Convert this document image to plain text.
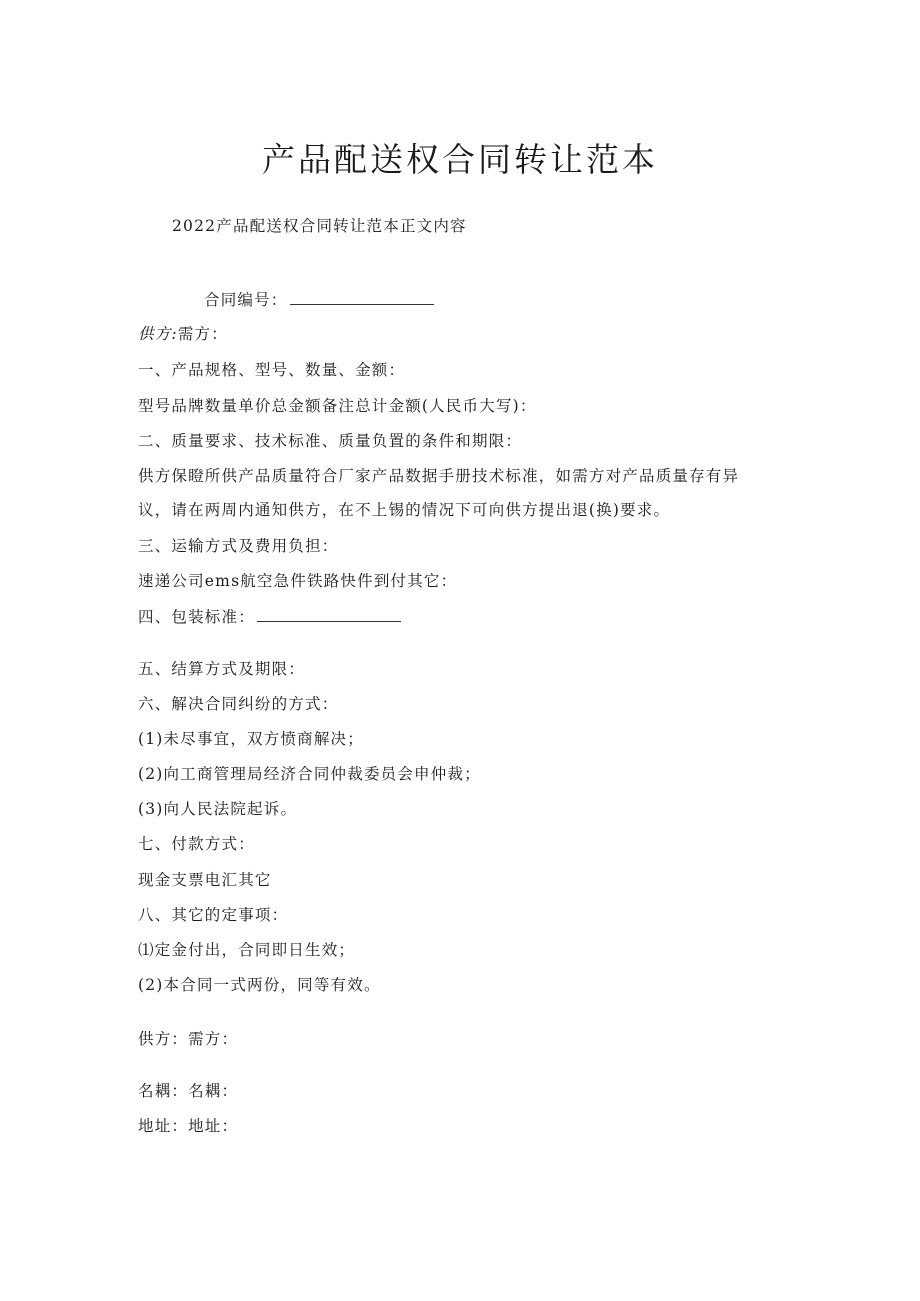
产品配送权合同转让范本
2022产品配送权合同转让范本正文内容
合同编号：
供方:需方：
一、产品规格、型号、数量、金额：
型号品牌数量单价总金额备注总计金额(人民币大写)：
二、质量要求、技术标准、质量负置的条件和期限：
供方保瞪所供产品质量符合厂家产品数据手册技术标准，如需方对产品质量存有异
议，请在两周内通知供方，在不上锡的情况下可向供方提出退(换)要求。
三、运输方式及费用负担：
速递公司ems航空急件铁路快件到付其它：
四、包装标准：
五、结算方式及期限：
六、解决合同纠纷的方式：
(1)未尽事宜，双方愤商解决；
(2)向工商管理局经济合同仲裁委员会申仲裁；
(3)向人民法院起诉。
七、付款方式：
现金支票电汇其它
八、其它的定事项：
⑴定金付出，合同即日生效；
(2)本合同一式两份，同等有效。
供方：需方：
名耦：名耦：
地址：地址：
